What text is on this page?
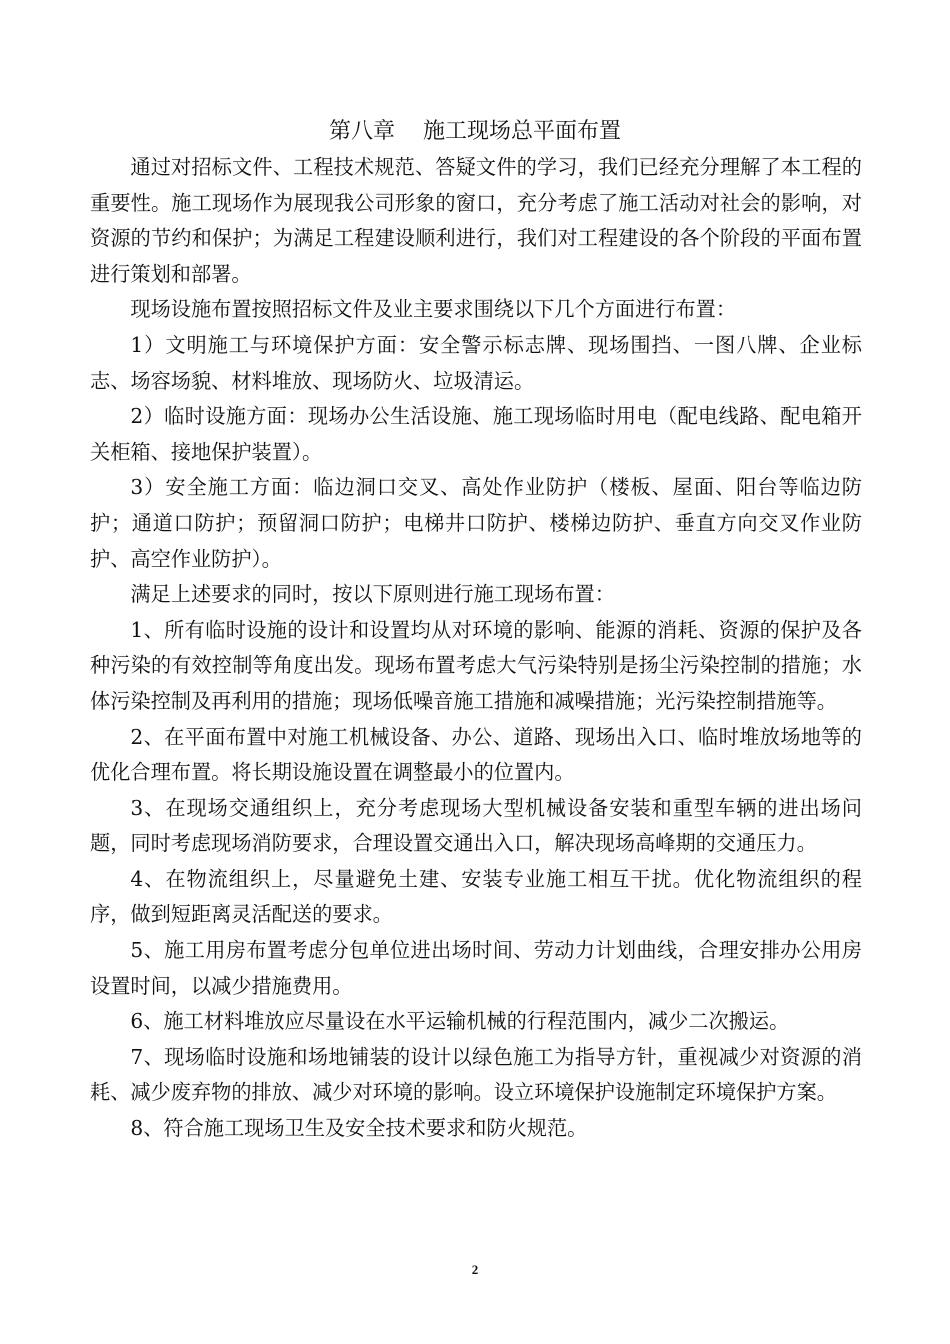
第八章    施工现场总平面布置

通过对招标文件、工程技术规范、答疑文件的学习，我们已经充分理解了本工程的重要性。施工现场作为展现我公司形象的窗口，充分考虑了施工活动对社会的影响，对资源的节约和保护；为满足工程建设顺利进行，我们对工程建设的各个阶段的平面布置进行策划和部署。

现场设施布置按照招标文件及业主要求围绕以下几个方面进行布置：

1）文明施工与环境保护方面：安全警示标志牌、现场围挡、一图八牌、企业标志、场容场貌、材料堆放、现场防火、垃圾清运。

2）临时设施方面：现场办公生活设施、施工现场临时用电（配电线路、配电箱开关柜箱、接地保护装置）。

3）安全施工方面：临边洞口交叉、高处作业防护（楼板、屋面、阳台等临边防护；通道口防护；预留洞口防护；电梯井口防护、楼梯边防护、垂直方向交叉作业防护、高空作业防护）。

满足上述要求的同时，按以下原则进行施工现场布置：

1、所有临时设施的设计和设置均从对环境的影响、能源的消耗、资源的保护及各种污染的有效控制等角度出发。现场布置考虑大气污染特别是扬尘污染控制的措施；水体污染控制及再利用的措施；现场低噪音施工措施和减噪措施；光污染控制措施等。

2、在平面布置中对施工机械设备、办公、道路、现场出入口、临时堆放场地等的优化合理布置。将长期设施设置在调整最小的位置内。

3、在现场交通组织上，充分考虑现场大型机械设备安装和重型车辆的进出场问题，同时考虑现场消防要求，合理设置交通出入口，解决现场高峰期的交通压力。

4、在物流组织上，尽量避免土建、安装专业施工相互干扰。优化物流组织的程序，做到短距离灵活配送的要求。

5、施工用房布置考虑分包单位进出场时间、劳动力计划曲线，合理安排办公用房设置时间，以减少措施费用。

6、施工材料堆放应尽量设在水平运输机械的行程范围内，减少二次搬运。

7、现场临时设施和场地铺装的设计以绿色施工为指导方针，重视减少对资源的消耗、减少废弃物的排放、减少对环境的影响。设立环境保护设施制定环境保护方案。

8、符合施工现场卫生及安全技术要求和防火规范。

2
